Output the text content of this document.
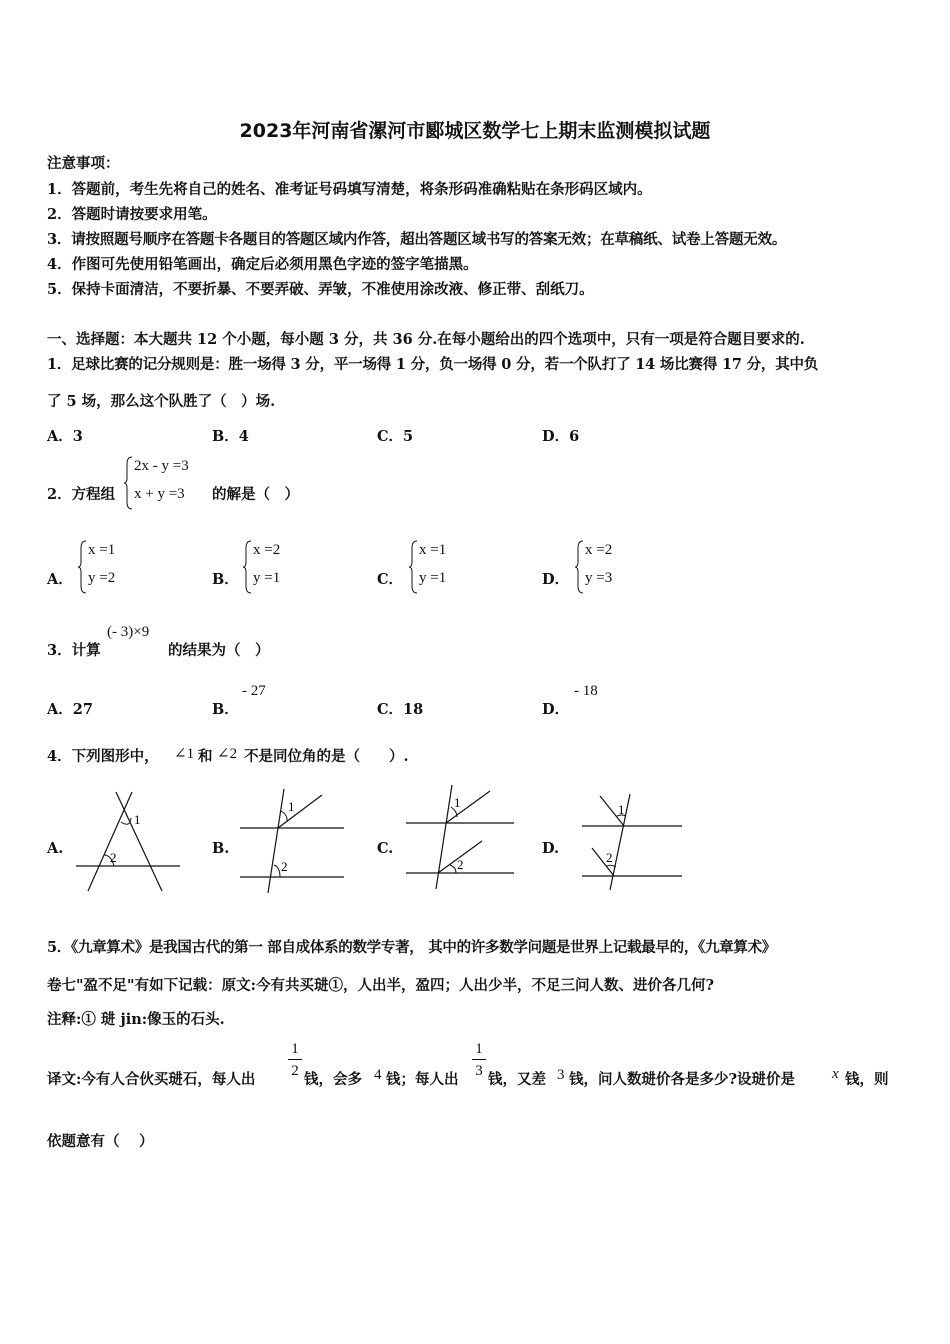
2023年河南省漯河市郾城区数学七上期末监测模拟试题
注意事项：
1．答题前，考生先将自己的姓名、准考证号码填写清楚，将条形码准确粘贴在条形码区域内。
2．答题时请按要求用笔。
3．请按照题号顺序在答题卡各题目的答题区域内作答，超出答题区域书写的答案无效；在草稿纸、试卷上答题无效。
4．作图可先使用铅笔画出，确定后必须用黑色字迹的签字笔描黑。
5．保持卡面清洁，不要折暴、不要弄破、弄皱，不准使用涂改液、修正带、刮纸刀。
一、选择题：本大题共 12 个小题，每小题 3 分，共 36 分.在每小题给出的四个选项中，只有一项是符合题目要求的.
1．足球比赛的记分规则是：胜一场得 3 分，平一场得 1 分，负一场得 0 分，若一个队打了 14 场比赛得 17 分，其中负
了 5 场，那么这个队胜了（　）场.
A．3	B．4	C．5	D．6
2．方程组
2x - y =3
x + y =3 的解是（　）
A．
x =1
y =2	B．
x =2
y =1	C．
x =1
y =1	D．
x =2
y =3
3．计算
(- 3)×9
的结果为（　）
A．27	B．
- 27
C．18	D．
- 18
4．下列图形中， ∠1 和 ∠2 不是同位角的是（　　）.
A.
1
2
B.
1
2
C.
1
2
D.
1
2
5．《九章算术》是我国古代的第一 部自成体系的数学专著， 其中的许多数学问题是世界上记载最早的，《九章算术》
卷七"盈不足"有如下记载：原文:今有共买琎①，人出半，盈四；人出少半，不足三问人数、进价各几何?
注释:① 琎 jin:像玉的石头.
译文:今有人合伙买琎石，每人出
1
2 钱，会多 4 钱；每人出
1
3 钱，又差 3 钱，问人数琎价各是多少?设琎价是 x 钱，则
依题意有（　 ）
